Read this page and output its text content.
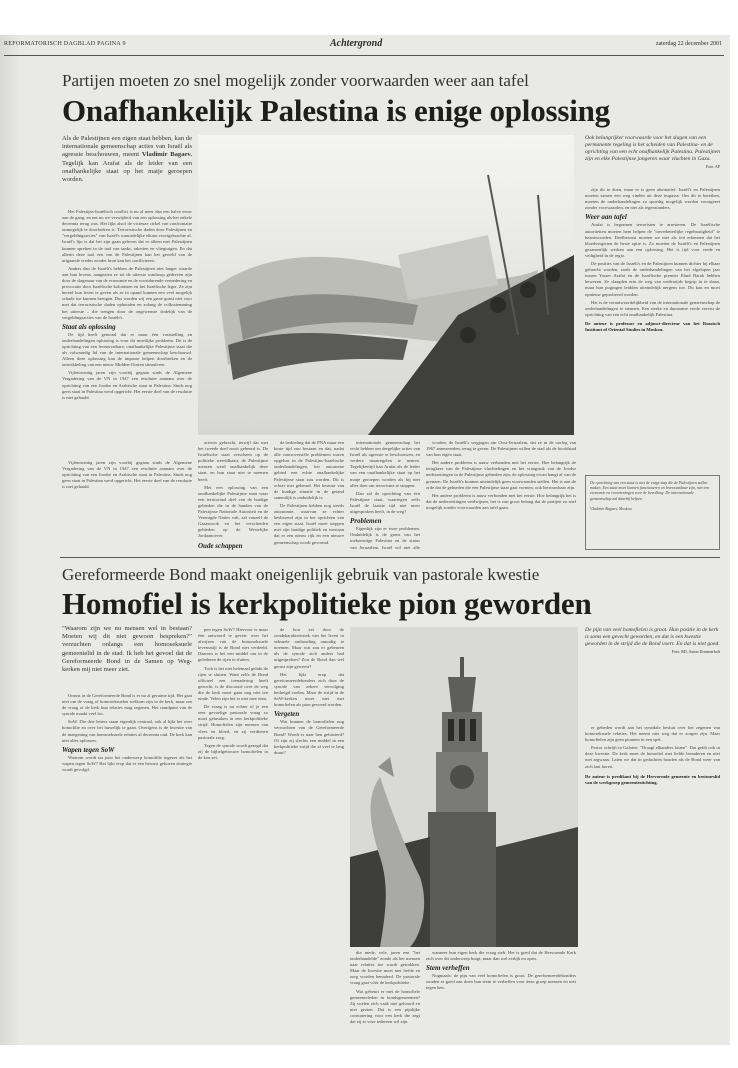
REFORMATORISCH DAGBLAD PAGINA 9	Achtergrond	zaterdag 22 december 2001
Partijen moeten zo snel mogelijk zonder voorwaarden weer aan tafel
Onafhankelijk Palestina is enige oplossing
Als de Palestijnen een eigen staat hebben, kan de internationale gemeenschap acties van Israël als agressie beschouwen, meent Vladimir Bagaev. Tegelijk kan Arafat als de leider van een onafhankelijke staat op het matje geroepen worden.

Het Palestijns-Israëlisch conflict is nu al meer dan een halve eeuw aan de gang, en net nu we verwijderd van een oplossing als het enkele decennia terug was. Het lijkt alsof de vicieuze cirkel van confrontatie onmogelijk te doorbreken is. Terroristische daden door Palestijnen en "vergeldingsacties" van Israël's wanordelijke elkaar voortgebrachte af. Israël's lijn is dat het zijn gaan geleven dat er alleen met Palestijnen kunnen spreken in de taal van tanks, raketten en vliegtuigen. En dat allerin deze taal een van de Palestijnen kan het geweld van de uitgaande vredes zonder bron kan het conflicteren.

Anders dan de Israëli's hebben de Palestijnen niet langer waarde aan hun levens, aangezien ze tot de uiterste wanhoop gedreven zijn door de slagenaar van de economie en de voortdurende vernedering en provocatie door Israëlische kolonisten en het Israëlische leger. Ze zijn bereid hun leven te geven als ze in opand kunnen een veel mogelijk schade toe kunnen brengen. Dus worden wij een grote gunst niet voor met dat terroristische daden ophouden en zolang de volksstemming het uiterste – die trengen door de ongewenste dodelijk van de vergeldingsacties van de Israëli's.

Staat als oplossing

De tijd heeft getoond dat er maar één vaststelling en onderhandelingen oplossing is voor dit moeilijke probleem. Dit is de oprichting van een levensvatbare, onafhankelijke Palestijnse staat die als volwaardig lid van de internationale gemeenschap beschouwd. Alleen deze oplossing kan de impasse helpen doorbreken en de ontwikkeling van een nieuw Midden-Oosten stimuleren.

Vijfentwintig jaren zijn voorbij gegaan sinds de Algemene Vergadering van de VN in 1947 een resolutie aannam over de oprichting van een Joodse en Arabische staat in Palestina. Sinds nog geen staat in Palestina werd opgericht. Het eerste doel van de resolutie is niet gehaald.

Ook belangrijker voorwaarde voor het slagen van een permanente regeling is het scheiden van Palestina- en de oprichting van een echt onafhankelijk Palestina. Palestijnen zijn en elke Palestijnse jongeren waar vluchten in Gaza.
Foto: AP

zijn dit te doen, maar er is geen alternatief. Israël's en Palestijnen moeten samen een weg vinden uit deze impasse. Om dit te bereiken, moeten de onderhandelingen zo spoedig mogelijk worden voortgezet zonder voorwaarden, en niet als tegenstanders.

Weer aan tafel

Arafat is begonnen terroristen te arresteren. De Israëlische autoriteiten moeten hem helpen de "onverbeterlijke regelmatigheid" te beantwoorden. Doelbewust moeten we niet als feit erkennen dat het bloedvergieten de beste optie is. Zo moeten de Israëli's en Palestijnen gezamenlijk werken aan een oplossing. Het is tijd voor vrede en veiligheid in de regio.

De posities van de Israëli's en de Palestijnen kunnen dichter bij elkaar gebracht worden, zoals de onderhandelingen van het afgelopen jaar tussen Yasser Arafat en de Israëlische premier Ehud Barak hebben bewezen. Ze slaagden erin de weg van wederzijds begrip in te slaan, maar hun pogingen leidden uiteindelijk nergens toe. Dit kan en moet opnieuw geprobeerd worden.

Het is de verantwoordelijkheid van de internationale gemeenschap de onderhandelingen te steunen. Een sterke en duurzame vrede vereist de oprichting van een echt onafhankelijk Palestina.

De auteur is professor en adjunct-directeur van het Russisch Instituut of Oriental Studies in Moskou.
De oprichting van een staat is niet de enige stap die de Palestijnen zullen maken. Een staat moet kunnen functioneren en levensvatbaar zijn, met een economie en voorzieningen voor de bevolking. De internationale gemeenschap zal daarbij helpen.

Vladimir Bagaev, Moskou

Vijfentwintig jaren zijn voorbij gegaan sinds de Algemene Vergadering van de VN in 1947 een resolutie aannam over de oprichting van een Joodse en Arabische staat in Palestina. Sinds nog geen staat in Palestina werd opgericht. Het eerste doel van de resolutie is niet gehaald.

uitvoer gebracht, terwijl dat met het tweede doel nooit gebeurd is. De Israëlische staat verscheen op de politieke wereldkaart, de Palestijnse mensen werd onafhankelijk deze staat, en hun staat niet te noemen heeft.

Met een oplossing van een onafhankelijke Palestijnse staat waar een territoriaal deel van de huidige gebieden die in de handen van de Palestijnse Nationale Autoriteit en de Verenigde Naties valt, zal vanzelf de Gazastrook en het verscheiden gebieden op de Westelijke Jordaanoever.

Oude schappen

de bedoeling dat de PNA maar een korte tijd zou bestaan en dat, nadat alle controversiële problemen waren opgelost in de Palestijns-Israëlische onderhandelingen, het autonome gebied een echte onafhankelijke Palestijnse staat zou worden. Dit is echter niet gebeurd. Het bestuur van de huidige situatie in de getand samenlijk is onduidelijk is.

De Palestijnen hebben nog steeds autonomie, waarvan ze echter beslissend zijn in het oprichten van een eigen staat. Israël moet stoppen met zijn huidige politiek en toestaan dat er een nieuw rijk en een nieuwe gemeenschap wordt gevormd.

internationale gemeenschap het recht hebben om dergelijke acties van Israël als agressie te beschouwen, en verdere maatregelen te nemen. Tegelijkertijd kan Arafat als de leider van een onafhankelijke staat op het matje geroepen worden als hij niet alles doet om terrorisme te stoppen.

Dan zal de oprichting van een Palestijnse staat, waartegen zelfs Israël de laatste tijd niet meer uitgesproken heeft, in de weg?

Problemen

Eigenlijk zijn er twee problemen. Onduidelijk is de grens van het toekomstige Palestina en de status van Jeruzalem. Israël wil niet alle

worden, de Israëli's wegjagen om Oost-Jeruzalem, dat ze in de oorlog van 1967 annexeerden, terug te geven. De Palestijnen willen de stad als de hoofdstad van hun eigen staat.

Het andere probleem is nauw verbonden met het eerste. Hoe belangrijk de terugkeer van de Palestijnse vluchtelingen en het vraagstuk van de Joodse nederzettingen in de Palestijnse gebieden zijn, de oplossing ervan hangt af van de grenzen. De Israëli's kunnen uiteindelijk geen voorwaarden stellen. Het is aan de orde dat de gebieden die een Palestijnse staat gaat vormen, ook betrouwbaar zijn.

Het andere probleem is nauw verbonden met het eerste. Hoe belangrijk het is dat de nederzettingen verdwijnen, het is van groot belang dat de partijen zo snel mogelijk zonder voorwaarden aan tafel gaan.

Gereformeerde Bond maakt oneigenlijk gebruik van pastorale kwestie
Homofiel is kerkpolitieke pion geworden
"Waarom zijn we nu mensen wel in bestaan? Moeten wij dit niet gewoon bespreken?" verzuchten onlangs een homoseksuele gemeentelid in de stad. Ik heb het gevoel dat de Gereformeerde Bond in de Samen op Weg-kerken mij niet meer ziet.

Onrust in de Gereformeerde Bond is er nu al geruime tijd. Het gaat niet om de vraag of homoseksuelen welkom zijn in de kerk, maar om de vraag of de kerk hun relaties mag zegenen. Het standpunt van de synode maakt veel los.

SoW. Die drie letters staan eigenlijk centraal, ook al lijkt het over homofilie en over het huwelijk te gaan. Overigens is de kwestie van de inzegening van homoseksuele relaties al decennia oud. De kerk kan niet alles oplossen.

Wapen tegen SoW

Waarom wordt nu juist het onderwerp homofilie ingezet als het wapen tegen SoW? Het lijkt erop dat er een bewust gekozen strategie wordt gevolgd.

pen tegen SoW? Hiervoor is maar één antwoord te geven: over het afwijzen van de homoseksuele levensstijl is de Bond niet verdeeld. Daarom is het een middel om in de gelederen de rijen te sluiten.

Toch is het niet helemaal gelukt de rijen te sluiten. Want zelfs de Bond officieel een toenadering heeft gezocht, is de discussie over de weg die de kerk moet gaan nog niet ten einde. Velen zijn het er niet mee eens.

De vraag is nu echter of je een zeer gevoelige pastorale vraag zo moet gebruiken in een kerkpolitieke strijd. Homofielen zijn mensen van vlees en bloed, en zij verdienen pastorale zorg.

Tegen de synode wordt gezegd dat zij de bijbelgetrouwe homofielen in de kou zet.

de kou zet door de zondekarakteristiek van het leven in seksuele onthouding onnodig te noemen. Maar wat zou er gebeuren als de synode zich anders had uitgesproken? Zou de Bond dan wel gerust zijn geweest?

Het lijkt erop dat gereformeerdebonders zich door de synode van zekere vervolging bedreigd voelen. Maar de strijd in de SoW-kerken moet niet met homofielen als pion gevoerd worden.

Vergeten

Wat kunnen de homofielen nog verwachten van de Gereformeerde Bond? Wordt er naar hen geluisterd? Of zijn zij slechts een middel in een kerkpolitieke strijd die al veel te lang duurt?

die mede, vele, jaren een "het onderhandelde" zonde als het mensen naar relaties toe wordt getrokken. Maar de kwestie moet met liefde en zorg worden benaderd. De pastorale vraag gaat vóór de kerkpolitieke.

Wat gebeurt er met de homofiele gemeenteleden in bondsgemeenten? Zij voelen zich vaak niet gehoord en niet gezien. Dat is een pijnlijke constatering voor een kerk die zegt dat zij er voor iedereen wil zijn.

wanneer hun eigen kerk die vraag stelt. Het is goed dat de Hervormde Kerk zich over dit onderwerp buigt, maar dan wel eerlijk en open.

Stem verheffen

Nogmaals: de pijn van veel homofielen is groot. De gereformeerdebonders zouden er goed aan doen hun stem te verheffen voor deze groep mensen en niet tegen hen.

De pijn van veel homofielen is groot. Hun positie in de kerk is soms een gevecht geworden, en dat is een kwestie geworden in de strijd die de Bond voert. En dat is niet goed.
Foto: RD, Anton Dommerholt

er gebeden wordt aan het synodale besluit over het zegenen van homoseksuele relaties. Het neemt niet weg dat er zorgen zijn. Maar homofielen zijn geen pionnen in een spel.

Pastor schrijft in Galaten: "Draagt elkanders lasten". Dat geldt ook in deze kwestie. De kerk moet de homofiel met liefde benaderen en niet met argwaan. Laten we dat in gedachten houden als de Bond weer van zich laat horen.

De auteur is predikant bij de Hervormde gemeente en bestuurslid van de werkgroep gemeentestichting.
